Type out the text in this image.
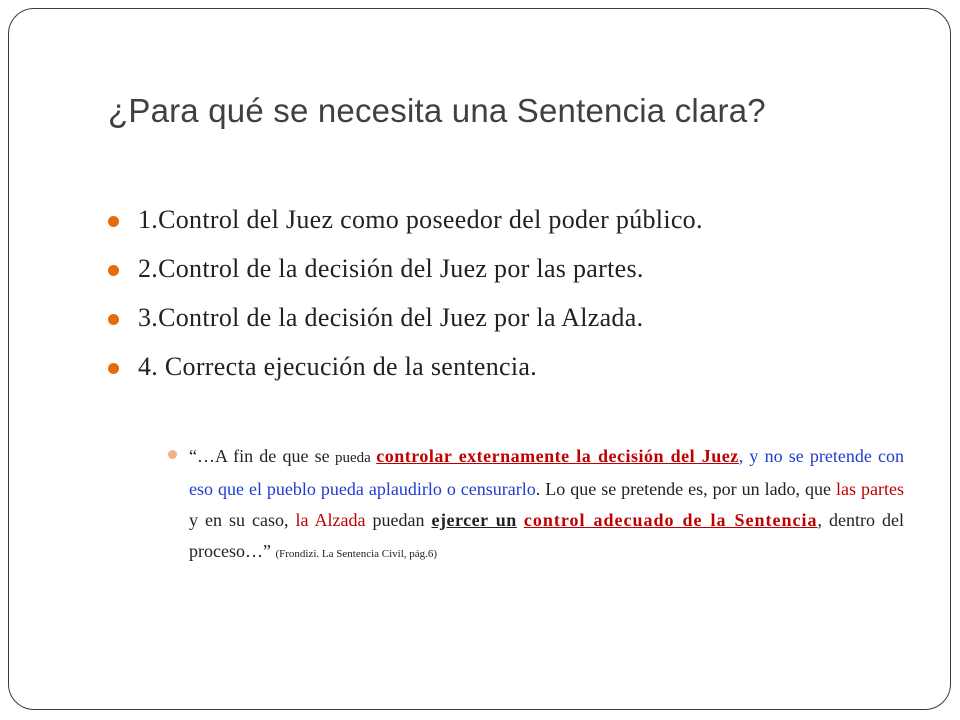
¿Para qué se necesita una Sentencia clara?
1.Control del Juez como poseedor del poder público.
2.Control de la decisión del Juez por las partes.
3.Control de la decisión del Juez por la Alzada.
4. Correcta ejecución de la sentencia.
“…A fin de que se pueda controlar externamente la decisión del Juez, y no se pretende con eso que el pueblo pueda aplaudirlo o censurarlo. Lo que se pretende es, por un lado, que las partes y en su caso, la Alzada puedan ejercer un control adecuado de la Sentencia, dentro del proceso…” (Frondizi. La Sentencia Civil, pág.6)
